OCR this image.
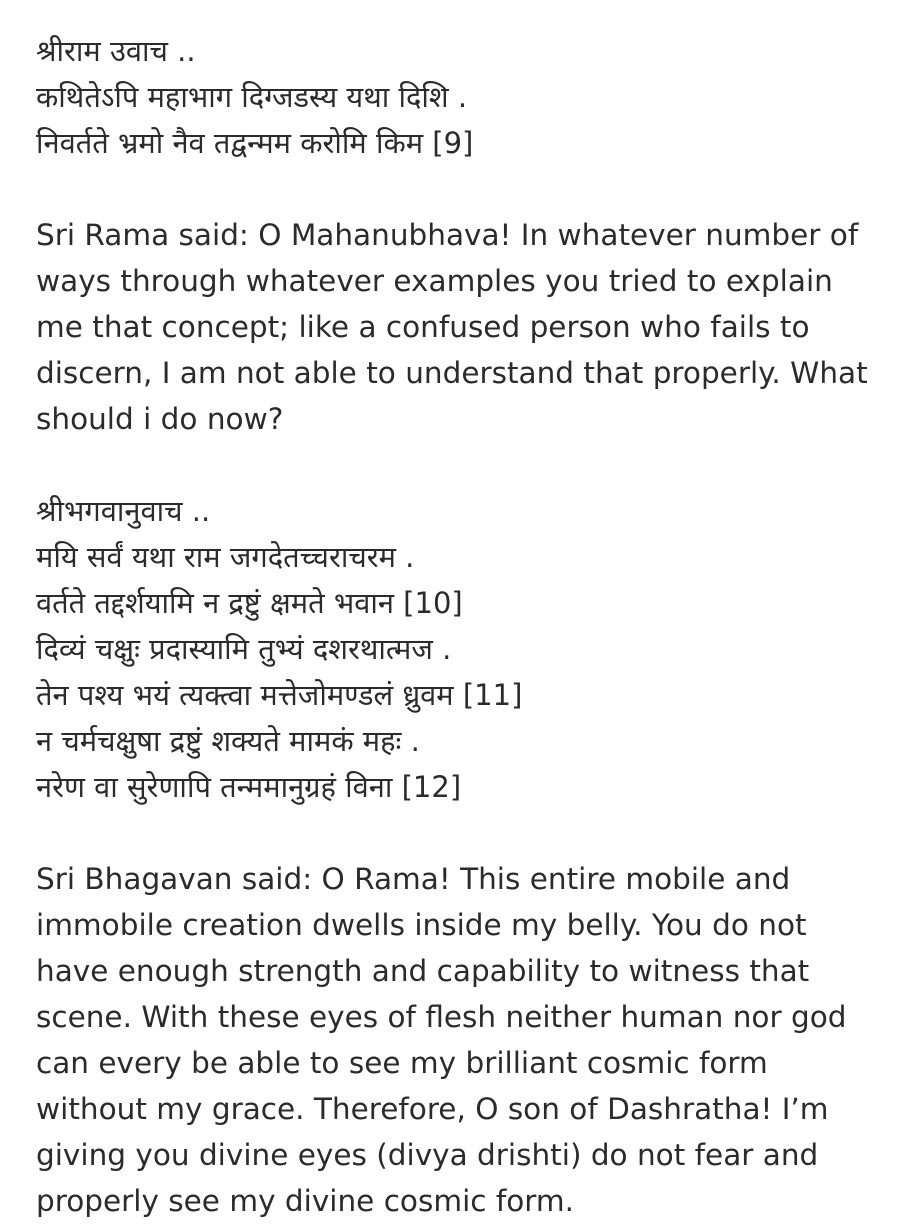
श्रीराम उवाच ..
कथितेऽपि महाभाग दिग्जडस्य यथा दिशि .
निवर्तते भ्रमो नैव तद्वन्मम करोमि किम [9]

Sri Rama said: O Mahanubhava! In whatever number of ways through whatever examples you tried to explain me that concept; like a confused person who fails to discern, I am not able to understand that properly. What should i do now?

श्रीभगवानुवाच ..
मयि सर्वं यथा राम जगदेतच्चराचरम .
वर्तते तद्दर्शयामि न द्रष्टुं क्षमते भवान [10]
दिव्यं चक्षुः प्रदास्यामि तुभ्यं दशरथात्मज .
तेन पश्य भयं त्यक्त्वा मत्तेजोमण्डलं ध्रुवम [11]
न चर्मचक्षुषा द्रष्टुं शक्यते मामकं महः .
नरेण वा सुरेणापि तन्ममानुग्रहं विना [12]

Sri Bhagavan said: O Rama! This entire mobile and immobile creation dwells inside my belly. You do not have enough strength and capability to witness that scene. With these eyes of flesh neither human nor god can every be able to see my brilliant cosmic form without my grace. Therefore, O son of Dashratha! I’m giving you divine eyes (divya drishti) do not fear and properly see my divine cosmic form.
